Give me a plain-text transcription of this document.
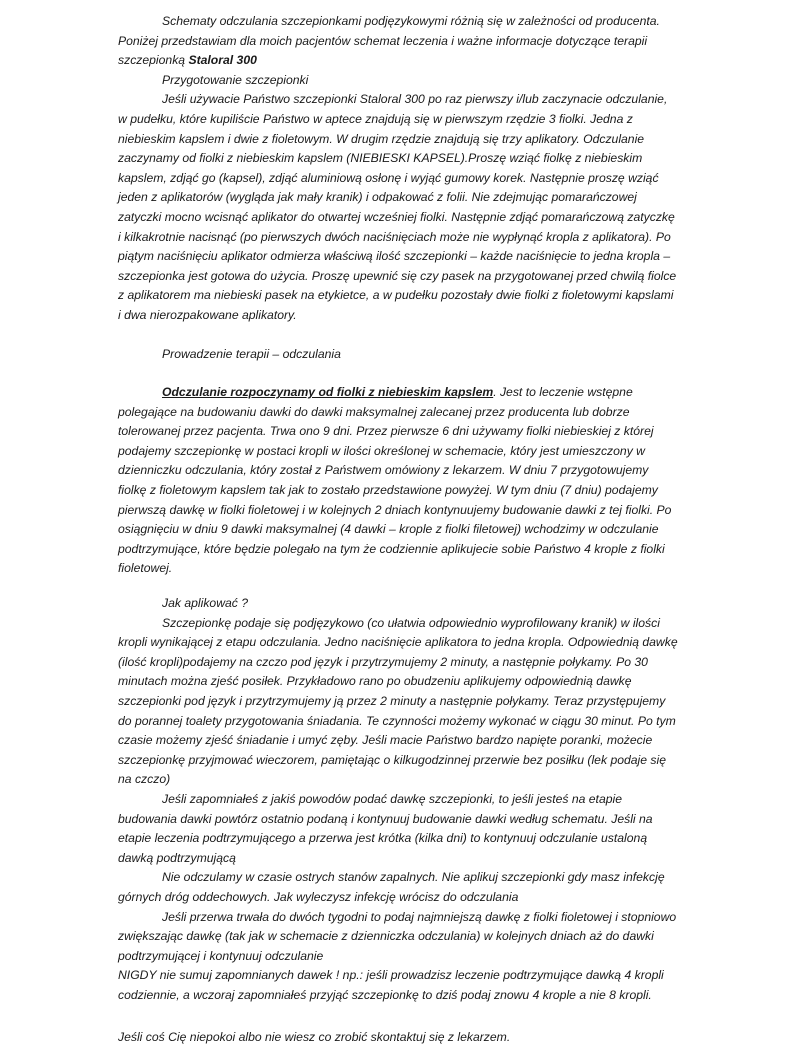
Schematy odczulania szczepionkami podjęzykowymi różnią się w zależności od producenta. Poniżej przedstawiam dla moich pacjentów schemat leczenia i ważne informacje dotyczące terapii szczepionką Staloral 300

Przygotowanie szczepionki

Jeśli używacie Państwo szczepionki Staloral 300 po raz pierwszy i/lub zaczynacie odczulanie, w pudełku, które kupiliście Państwo w aptece znajdują się w pierwszym rzędzie 3 fiolki. Jedna z niebieskim kapslem i dwie z fioletowym. W drugim rzędzie znajdują się trzy aplikatory. Odczulanie zaczynamy od fiolki z niebieskim kapslem (NIEBIESKI KAPSEL).Proszę wziąć fiolkę z niebieskim kapslem, zdjąć go (kapsel), zdjąć aluminiową osłonę i wyjąć gumowy korek. Następnie proszę wziąć jeden z aplikatorów (wygląda jak mały kranik) i odpakować z folii. Nie zdejmując pomarańczowej zatyczki mocno wcisnąć aplikator do otwartej wcześniej fiolki. Następnie zdjąć pomarańczową zatyczkę i kilkakrotnie nacisnąć (po pierwszych dwóch naciśnięciach może nie wypłynąć kropla z aplikatora). Po piątym naciśnięciu aplikator odmierza właściwą ilość szczepionki – każde naciśnięcie to jedna kropla – szczepionka jest gotowa do użycia. Proszę upewnić się czy pasek na przygotowanej przed chwilą fiolce z aplikatorem ma niebieski pasek na etykietce, a w pudełku pozostały dwie fiolki z fioletowymi kapslami i dwa nierozpakowane aplikatory.

Prowadzenie terapii – odczulania

Odczulanie rozpoczynamy od fiolki z niebieskim kapslem. Jest to leczenie wstępne polegające na budowaniu dawki do dawki maksymalnej zalecanej przez producenta lub dobrze tolerowanej przez pacjenta. Trwa ono 9 dni. Przez pierwsze 6 dni używamy fiolki niebieskiej z której podajemy szczepionkę w postaci kropli w ilości określonej w schemacie, który jest umieszczony w dzienniczku odczulania, który został z Państwem omówiony z lekarzem. W dniu 7 przygotowujemy fiolkę z fioletowym kapslem tak jak to zostało przedstawione powyżej. W tym dniu (7 dniu) podajemy pierwszą dawkę w fiolki fioletowej i w kolejnych 2 dniach kontynuujemy budowanie dawki z tej fiolki. Po osiągnięciu w dniu 9 dawki maksymalnej (4 dawki – krople z fiolki filetowej) wchodzimy w odczulanie podtrzymujące, które będzie polegało na tym że codziennie aplikujecie sobie Państwo 4 krople z fiolki fioletowej.

Jak aplikować ?

Szczepionkę podaje się podjęzykowo (co ułatwia odpowiednio wyprofilowany kranik) w ilości kropli wynikającej z etapu odczulania. Jedno naciśnięcie aplikatora to jedna kropla. Odpowiednią dawkę (ilość kropli)podajemy na czczo pod język i przytrzymujemy 2 minuty, a następnie połykamy. Po 30 minutach można zjeść posiłek. Przykładowo rano po obudzeniu aplikujemy odpowiednią dawkę szczepionki pod język i przytrzymujemy ją przez 2 minuty a następnie połykamy. Teraz przystępujemy do porannej toalety przygotowania śniadania. Te czynności możemy wykonać w ciągu 30 minut. Po tym czasie możemy zjeść śniadanie i umyć zęby. Jeśli macie Państwo bardzo napięte poranki, możecie szczepionkę przyjmować wieczorem, pamiętając o kilkugodzinnej przerwie bez posiłku (lek podaje się na czczo)

Jeśli zapomniałeś z jakiś powodów podać dawkę szczepionki, to jeśli jesteś na etapie budowania dawki powtórz ostatnio podaną i kontynuuj budowanie dawki według schematu. Jeśli na etapie leczenia podtrzymującego a przerwa jest krótka (kilka dni) to kontynuuj odczulanie ustaloną dawką podtrzymującą

Nie odczulamy w czasie ostrych stanów zapalnych. Nie aplikuj szczepionki gdy masz infekcję górnych dróg oddechowych. Jak wyleczysz infekcję wrócisz do odczulania

Jeśli przerwa trwała do dwóch tygodni to podaj najmniejszą dawkę z fiolki fioletowej i stopniowo zwiększając dawkę (tak jak w schemacie z dzienniczka odczulania) w kolejnych dniach aż do dawki podtrzymującej i kontynuuj odczulanie

NIGDY nie sumuj zapomnianych dawek ! np.: jeśli prowadzisz leczenie podtrzymujące dawką 4 kropli codziennie, a wczoraj zapomniałeś przyjąć szczepionkę to dziś podaj znowu 4 krople a nie 8 kropli.

Jeśli coś Cię niepokoi albo nie wiesz co zrobić skontaktuj się z lekarzem.
